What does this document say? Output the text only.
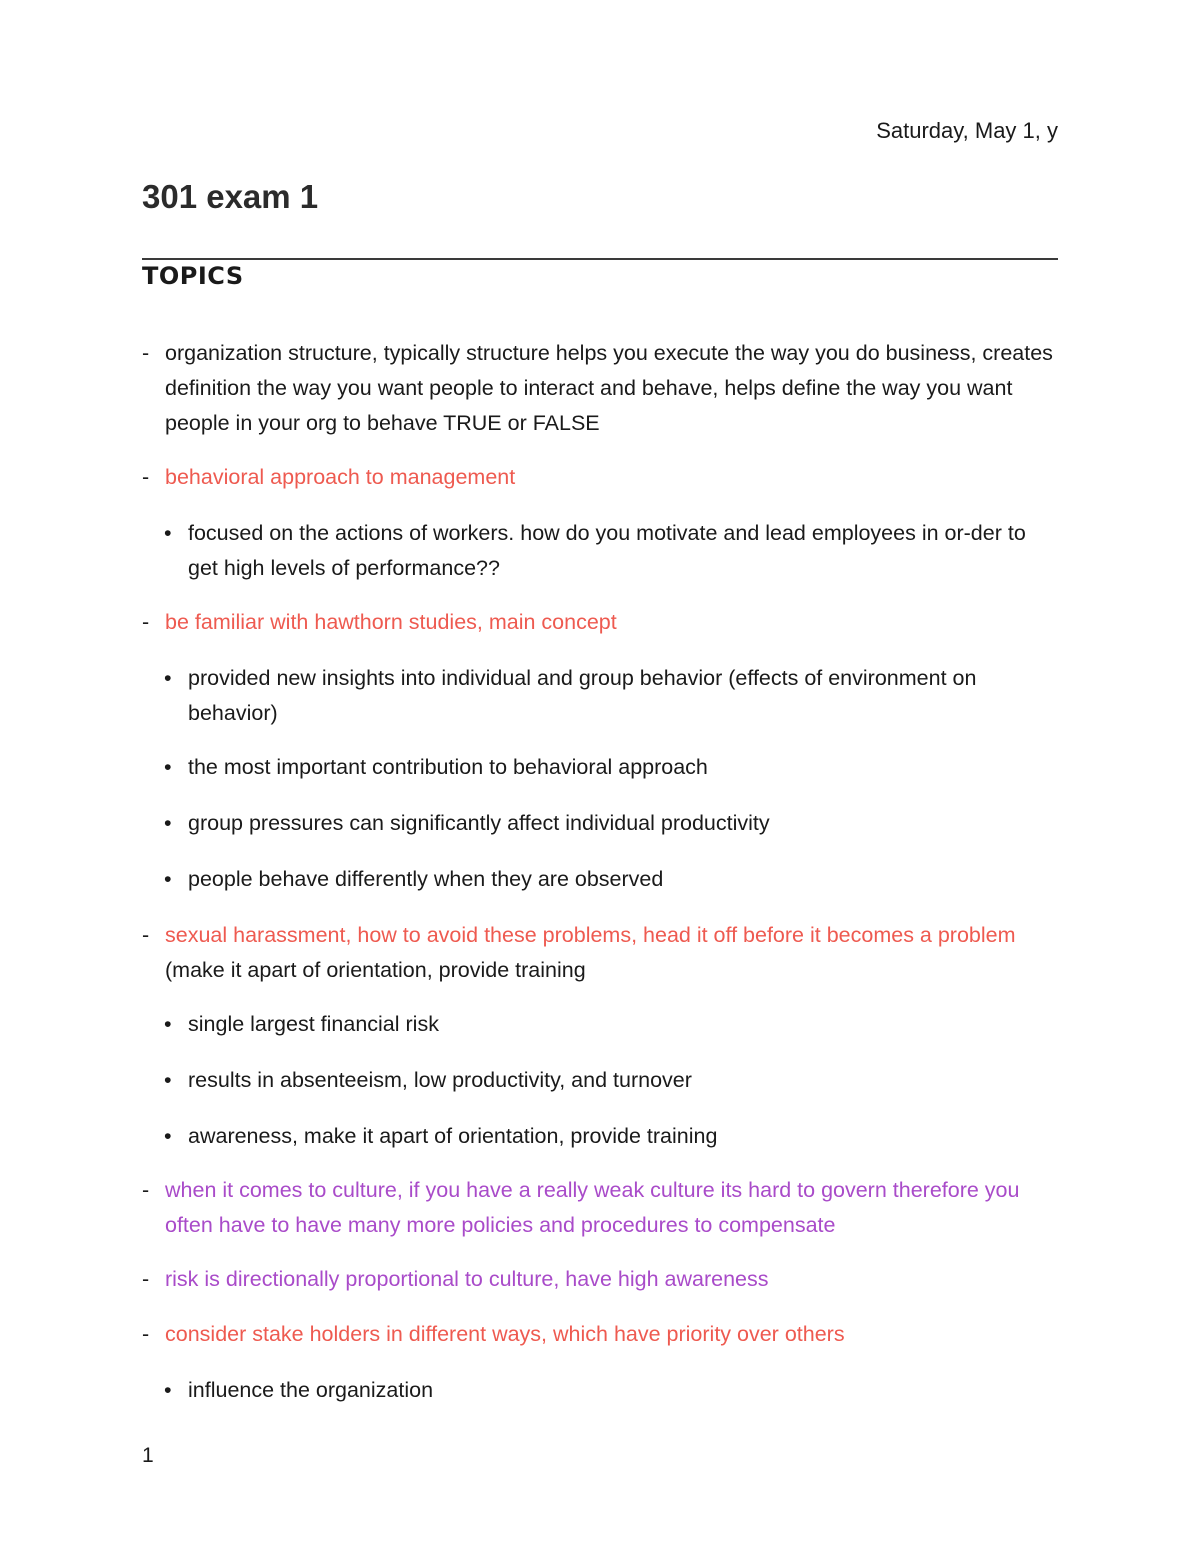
Saturday, May 1, y
301 exam 1
TOPICS
- organization structure, typically structure helps you execute the way you do business, creates definition the way you want people to interact and behave, helps define the way you want people in your org to behave TRUE or FALSE
- behavioral approach to management
• focused on the actions of workers. how do you motivate and lead employees in or-der to get high levels of performance??
- be familiar with hawthorn studies, main concept
• provided new insights into individual and group behavior (effects of environment on behavior)
• the most important contribution to behavioral approach
• group pressures can significantly affect individual productivity
• people behave differently when they are observed
- sexual harassment, how to avoid these problems, head it off before it becomes a problem (make it apart of orientation, provide training
• single largest financial risk
• results in absenteeism, low productivity, and turnover
• awareness, make it apart of orientation, provide training
- when it comes to culture, if you have a really weak culture its hard to govern therefore you often have to have many more policies and procedures to compensate
- risk is directionally proportional to culture, have high awareness
- consider stake holders in different ways, which have priority over others
• influence the organization
1
